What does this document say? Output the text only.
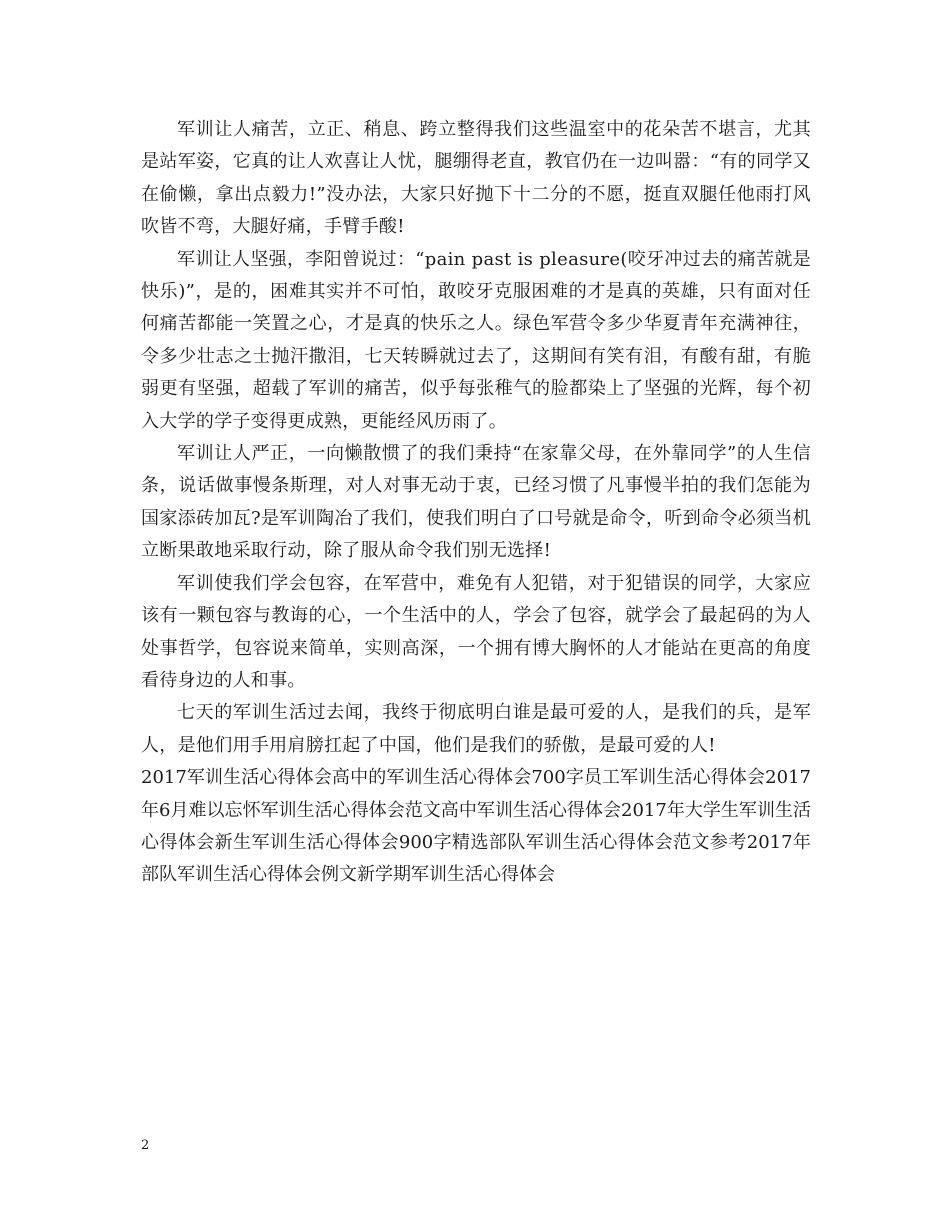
军训让人痛苦，立正、稍息、跨立整得我们这些温室中的花朵苦不堪言，尤其是站军姿，它真的让人欢喜让人忧，腿绷得老直，教官仍在一边叫嚣：“有的同学又在偷懒，拿出点毅力!”没办法，大家只好抛下十二分的不愿，挺直双腿任他雨打风吹皆不弯，大腿好痛，手臂手酸!

军训让人坚强，李阳曾说过：“pain past is pleasure(咬牙冲过去的痛苦就是快乐)”，是的，困难其实并不可怕，敢咬牙克服困难的才是真的英雄，只有面对任何痛苦都能一笑置之心，才是真的快乐之人。绿色军营令多少华夏青年充满神往，令多少壮志之士抛汗撒泪，七天转瞬就过去了，这期间有笑有泪，有酸有甜，有脆弱更有坚强，超载了军训的痛苦，似乎每张稚气的脸都染上了坚强的光辉，每个初入大学的学子变得更成熟，更能经风历雨了。

军训让人严正，一向懒散惯了的我们秉持“在家靠父母，在外靠同学”的人生信条，说话做事慢条斯理，对人对事无动于衷，已经习惯了凡事慢半拍的我们怎能为国家添砖加瓦?是军训陶冶了我们，使我们明白了口号就是命令，听到命令必须当机立断果敢地采取行动，除了服从命令我们别无选择!

军训使我们学会包容，在军营中，难免有人犯错，对于犯错误的同学，大家应该有一颗包容与教诲的心，一个生活中的人，学会了包容，就学会了最起码的为人处事哲学，包容说来简单，实则高深，一个拥有博大胸怀的人才能站在更高的角度看待身边的人和事。

七天的军训生活过去闻，我终于彻底明白谁是最可爱的人，是我们的兵，是军人，是他们用手用肩膀扛起了中国，他们是我们的骄傲，是最可爱的人!

2017军训生活心得体会高中的军训生活心得体会700字员工军训生活心得体会2017年6月难以忘怀军训生活心得体会范文高中军训生活心得体会2017年大学生军训生活心得体会新生军训生活心得体会900字精选部队军训生活心得体会范文参考2017年部队军训生活心得体会例文新学期军训生活心得体会

2
